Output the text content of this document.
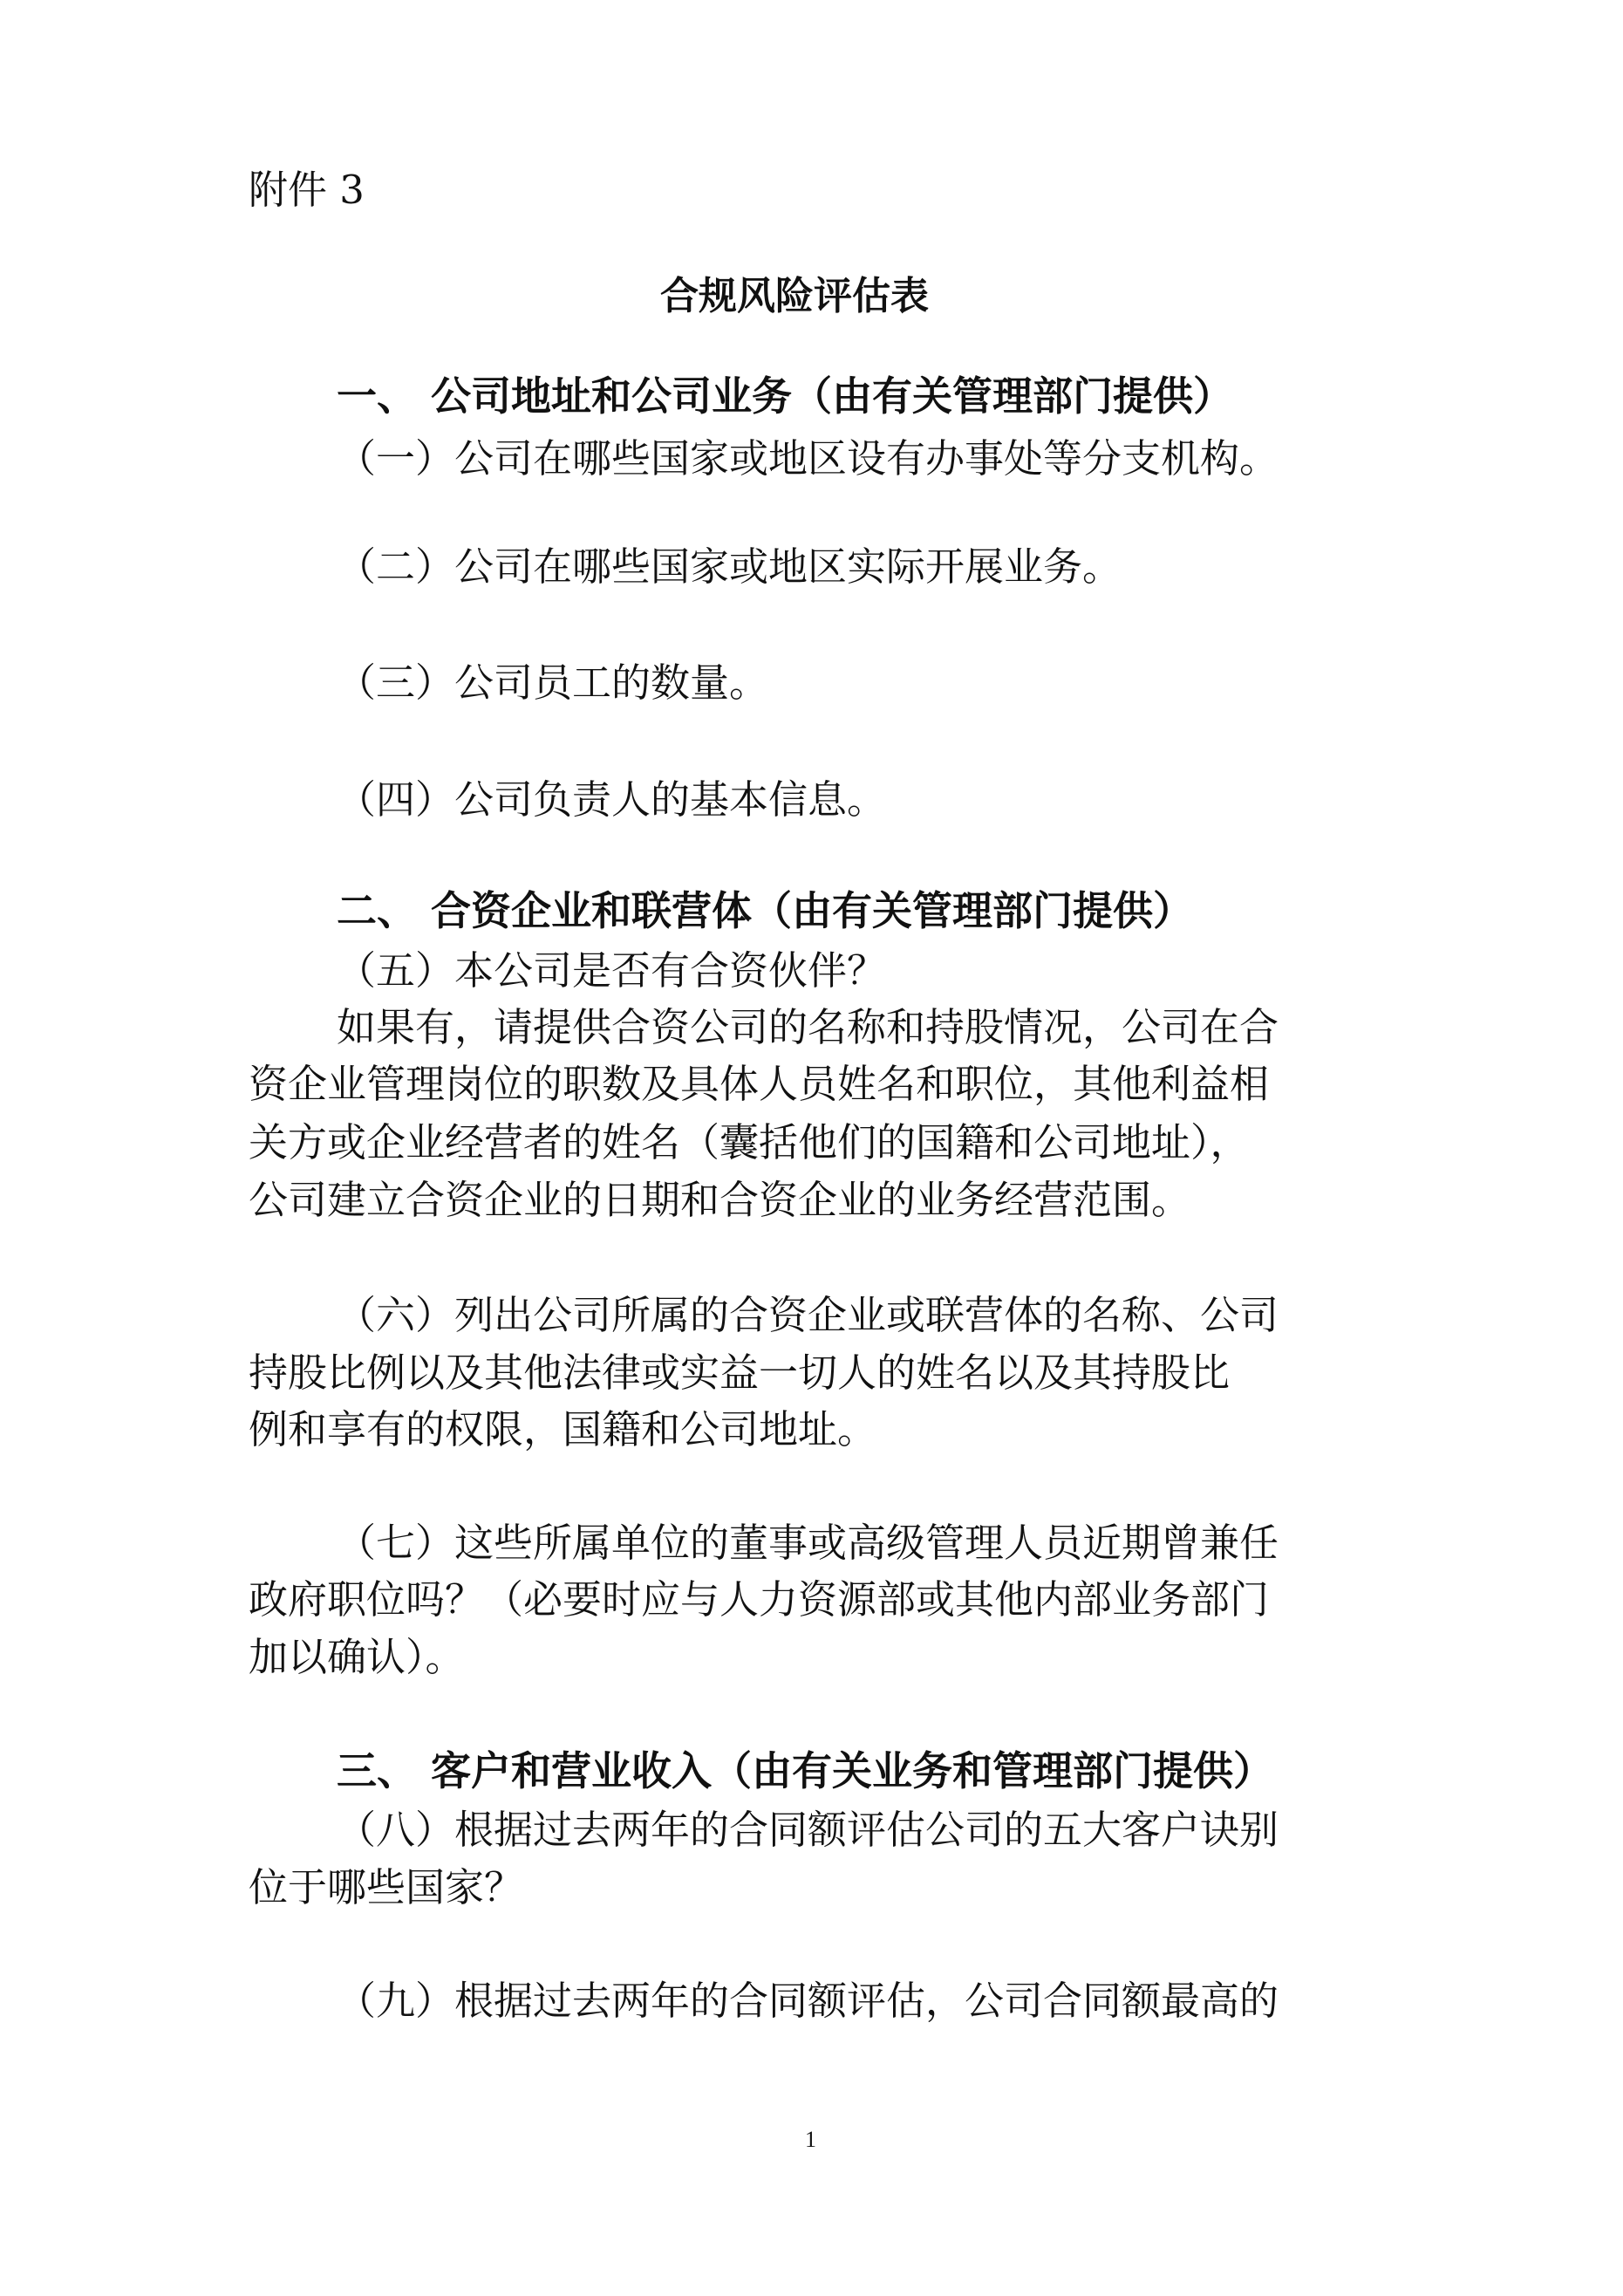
附件 3
合规风险评估表
一、 公司地址和公司业务（由有关管理部门提供）
（一）公司在哪些国家或地区设有办事处等分支机构。
（二）公司在哪些国家或地区实际开展业务。
（三）公司员工的数量。
（四）公司负责人的基本信息。
二、 合资企业和联营体（由有关管理部门提供）
（五）本公司是否有合资伙伴？
如果有，请提供合资公司的名称和持股情况，公司在合
资企业管理岗位的职数及具体人员姓名和职位，其他利益相
关方或企业经营者的姓名（囊括他们的国籍和公司地址），
公司建立合资企业的日期和合资企业的业务经营范围。
（六）列出公司所属的合资企业或联营体的名称、公司
持股比例以及其他法律或实益一切人的姓名以及其持股比
例和享有的权限，国籍和公司地址。
（七）这些所属单位的董事或高级管理人员近期曾兼任
政府职位吗？（必要时应与人力资源部或其他内部业务部门
加以确认）。
三、 客户和营业收入（由有关业务和管理部门提供）
（八）根据过去两年的合同额评估公司的五大客户诀别
位于哪些国家？
（九）根据过去两年的合同额评估，公司合同额最高的
1
